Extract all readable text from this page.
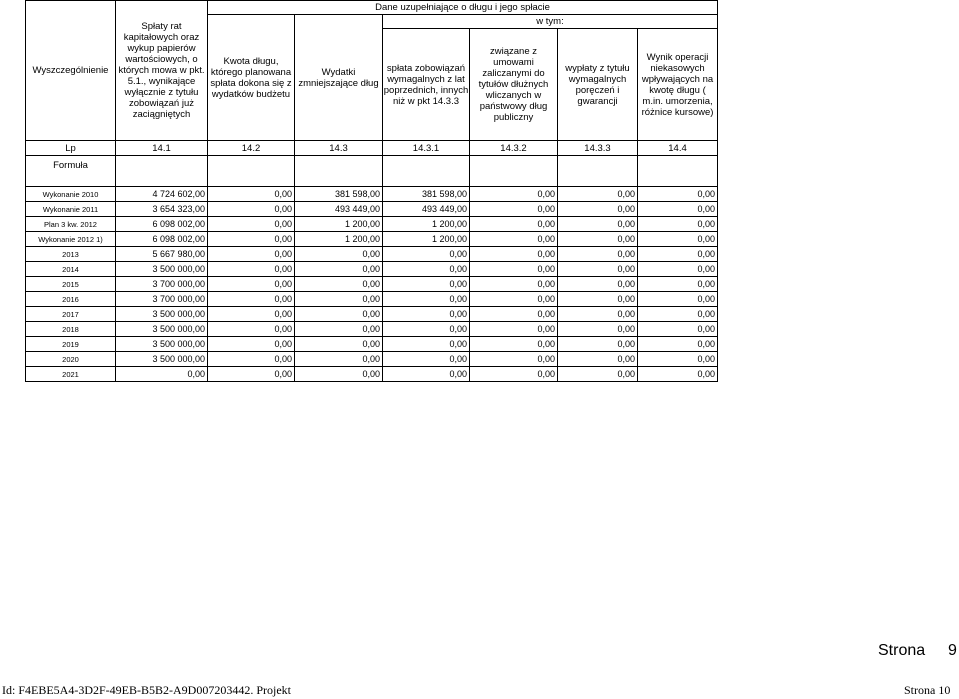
Wyszczególnienie	Spłaty rat kapitałowych oraz wykup papierów wartościowych, o których mowa w pkt. 5.1., wynikające wyłącznie z tytułu zobowiązań już zaciągniętych	Dane uzupełniające o długu i jego spłacie					
		Kwota długu, którego planowana spłata dokona się z wydatków budżetu	Wydatki zmniejszające dług	w tym:			
				spłata zobowiązań wymagalnych z lat poprzednich, innych niż w pkt 14.3.3	związane z umowami zaliczanymi do tytułów dłużnych wliczanych w państwowy dług publiczny	wypłaty z tytułu wymagalnych poręczeń i gwarancji	Wynik operacji niekasowych wpływających na kwotę długu ( m.in. umorzenia, różnice kursowe)
Lp	14.1	14.2	14.3	14.3.1	14.3.2	14.3.3	14.4
Formuła							
Wykonanie 2010	4 724 602,00	0,00	381 598,00	381 598,00	0,00	0,00	0,00
Wykonanie 2011	3 654 323,00	0,00	493 449,00	493 449,00	0,00	0,00	0,00
Plan 3 kw. 2012	6 098 002,00	0,00	1 200,00	1 200,00	0,00	0,00	0,00
Wykonanie 2012 1)	6 098 002,00	0,00	1 200,00	1 200,00	0,00	0,00	0,00
2013	5 667 980,00	0,00	0,00	0,00	0,00	0,00	0,00
2014	3 500 000,00	0,00	0,00	0,00	0,00	0,00	0,00
2015	3 700 000,00	0,00	0,00	0,00	0,00	0,00	0,00
2016	3 700 000,00	0,00	0,00	0,00	0,00	0,00	0,00
2017	3 500 000,00	0,00	0,00	0,00	0,00	0,00	0,00
2018	3 500 000,00	0,00	0,00	0,00	0,00	0,00	0,00
2019	3 500 000,00	0,00	0,00	0,00	0,00	0,00	0,00
2020	3 500 000,00	0,00	0,00	0,00	0,00	0,00	0,00
2021	0,00	0,00	0,00	0,00	0,00	0,00	0,00
Strona 9
Id: F4EBE5A4-3D2F-49EB-B5B2-A9D007203442. Projekt	Strona 10
